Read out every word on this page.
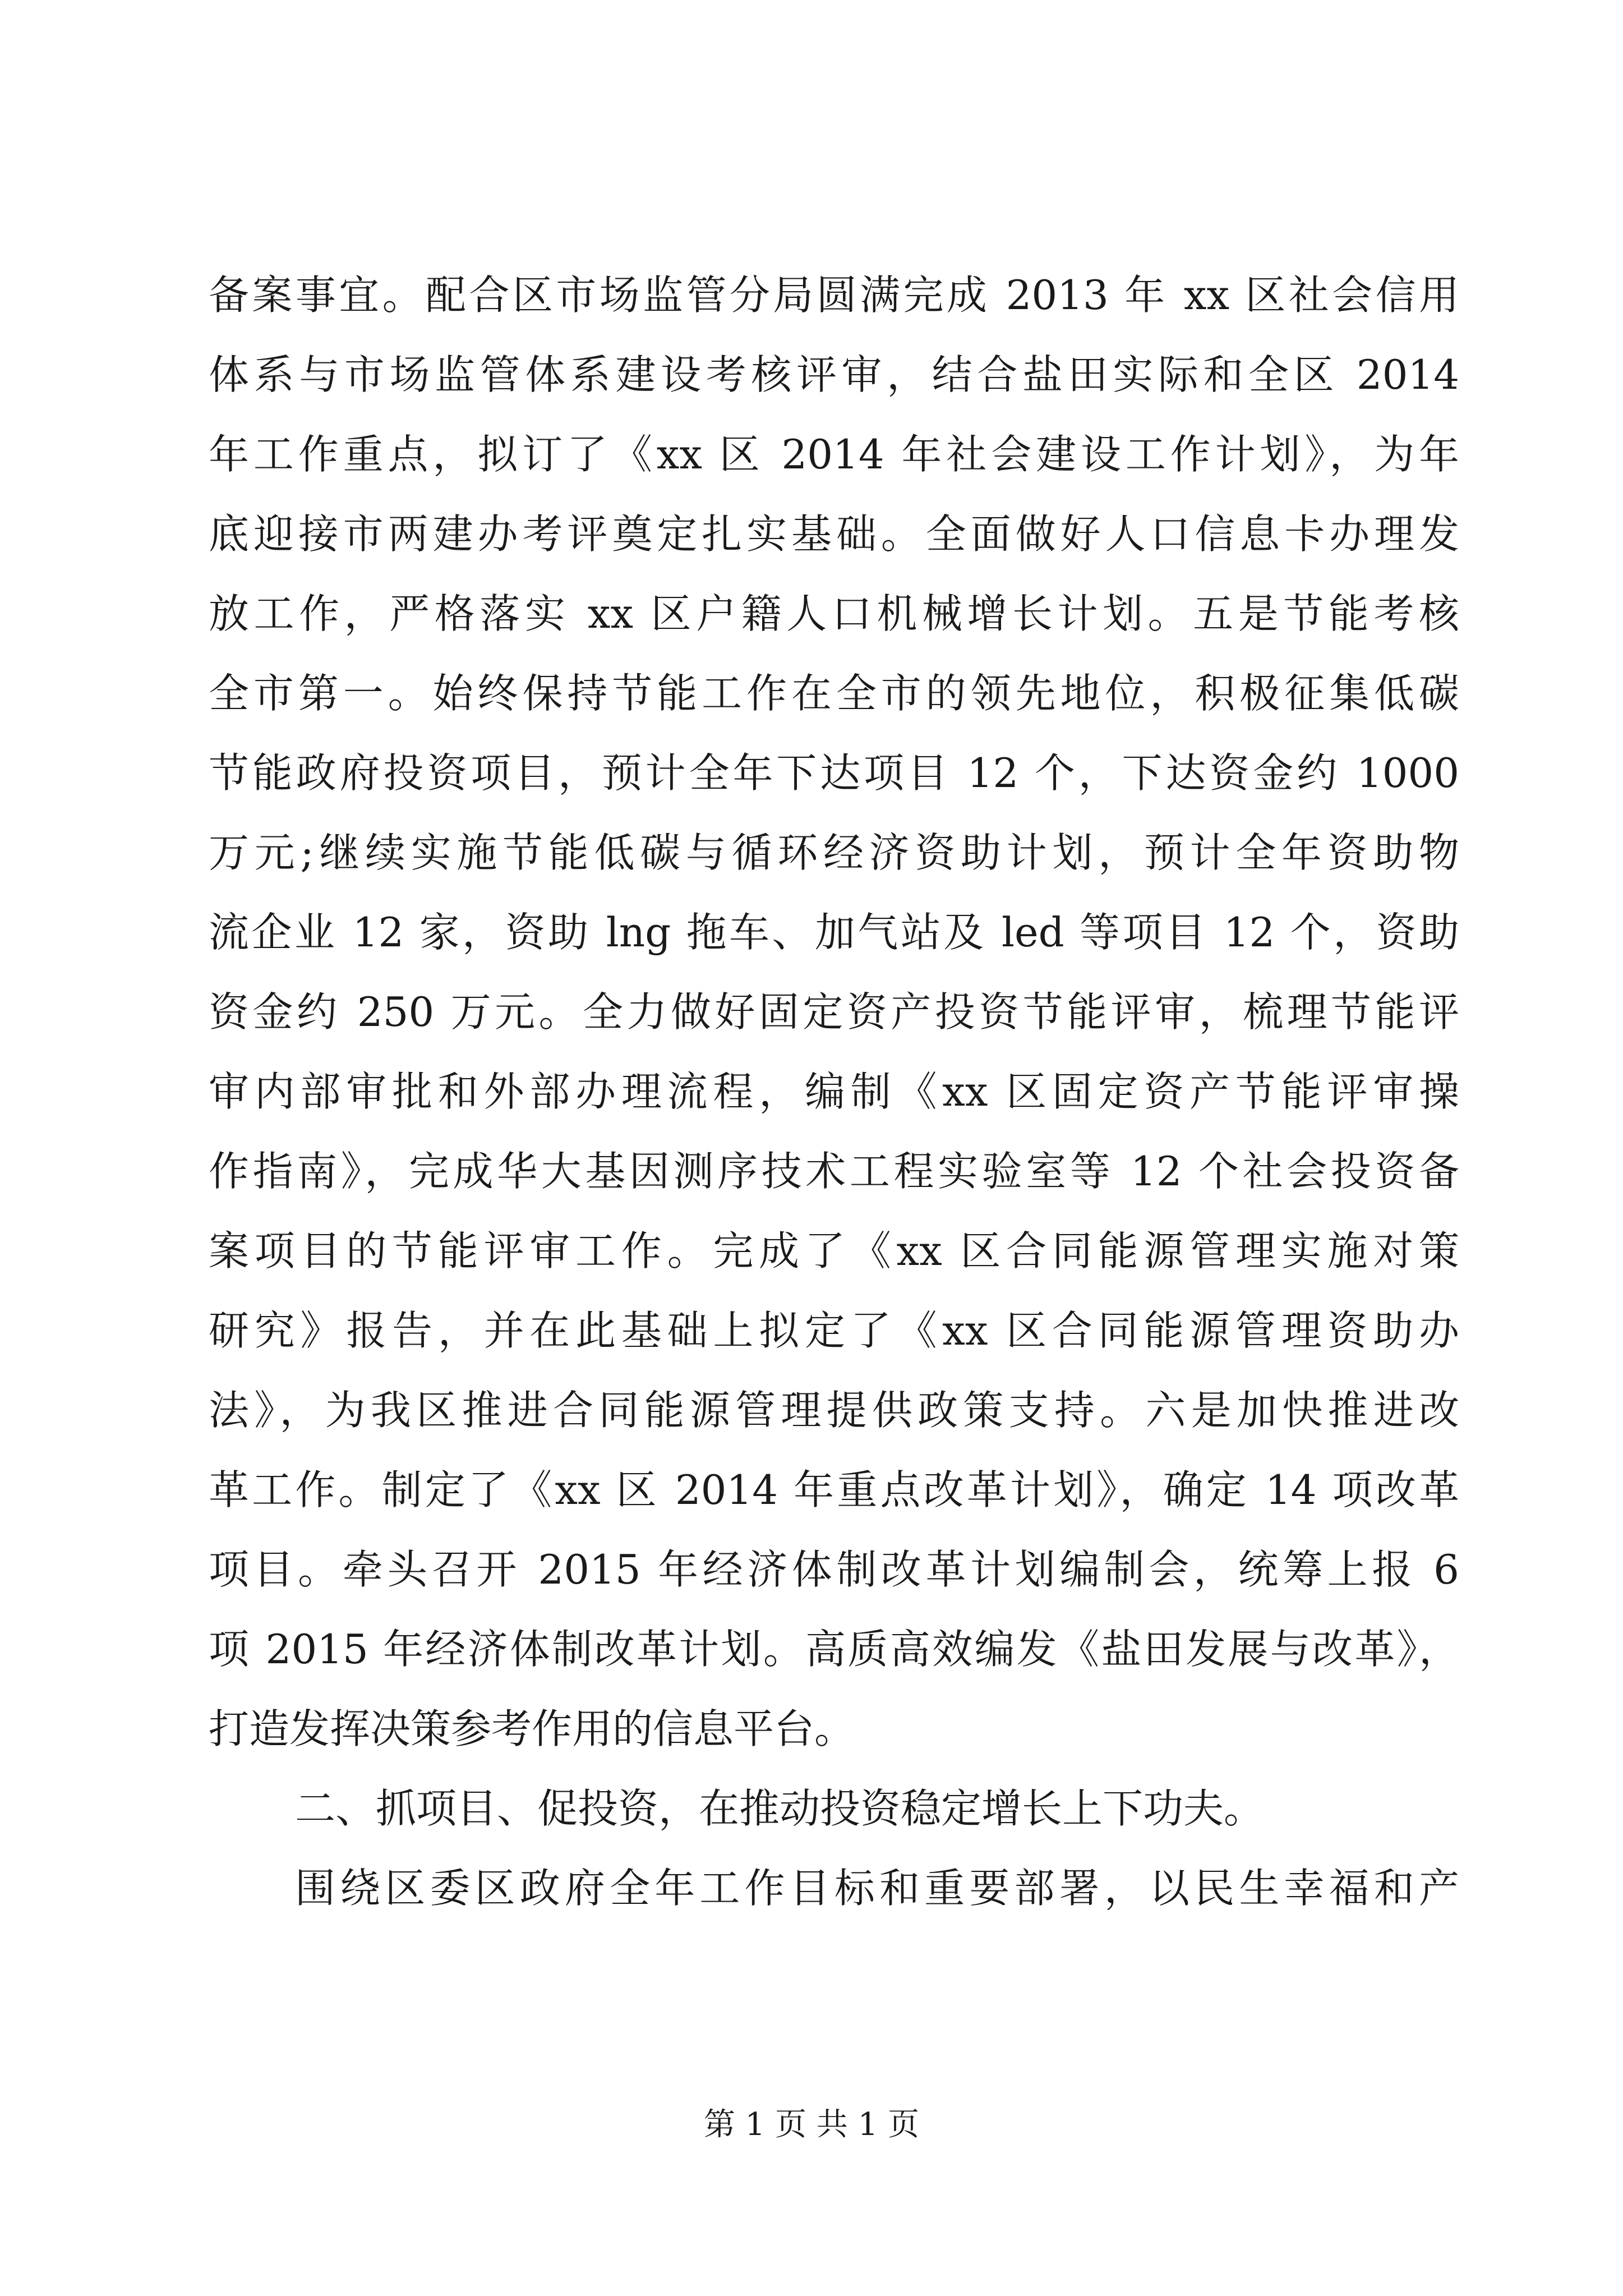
备案事宜。配合区市场监管分局圆满完成 2013 年 xx 区社会信用
体系与市场监管体系建设考核评审，结合盐田实际和全区 2014
年工作重点，拟订了《xx 区 2014 年社会建设工作计划》，为年
底迎接市两建办考评奠定扎实基础。全面做好人口信息卡办理发
放工作，严格落实 xx 区户籍人口机械增长计划。五是节能考核
全市第一。始终保持节能工作在全市的领先地位，积极征集低碳
节能政府投资项目，预计全年下达项目 12 个，下达资金约 1000
万元;继续实施节能低碳与循环经济资助计划，预计全年资助物
流企业 12 家，资助 lng 拖车、加气站及 led 等项目 12 个，资助
资金约 250 万元。全力做好固定资产投资节能评审，梳理节能评
审内部审批和外部办理流程，编制《xx 区固定资产节能评审操
作指南》，完成华大基因测序技术工程实验室等 12 个社会投资备
案项目的节能评审工作。完成了《xx 区合同能源管理实施对策
研究》报告，并在此基础上拟定了《xx 区合同能源管理资助办
法》，为我区推进合同能源管理提供政策支持。六是加快推进改
革工作。制定了《xx 区 2014 年重点改革计划》，确定 14 项改革
项目。牵头召开 2015 年经济体制改革计划编制会，统筹上报 6
项 2015 年经济体制改革计划。高质高效编发《盐田发展与改革》，
打造发挥决策参考作用的信息平台。
二、抓项目、促投资，在推动投资稳定增长上下功夫。
围绕区委区政府全年工作目标和重要部署，以民生幸福和产
第 1 页 共 1 页
